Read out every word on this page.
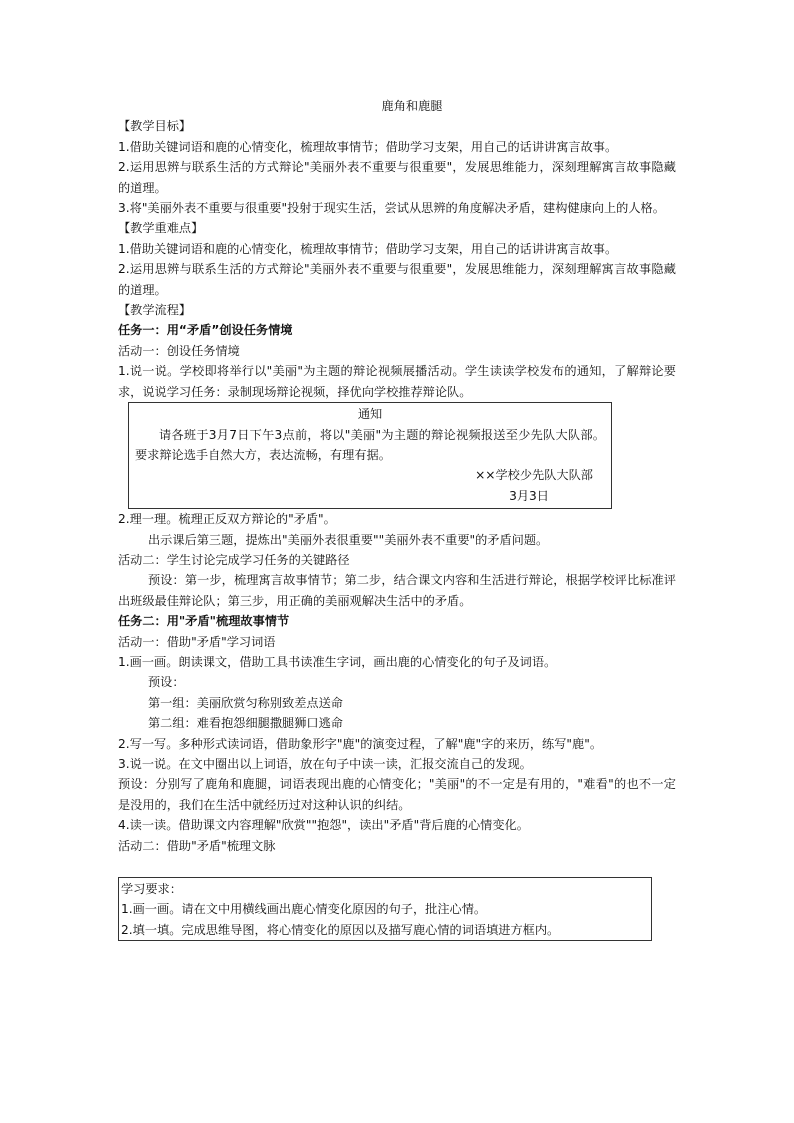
鹿角和鹿腿

【教学目标】

1.借助关键词语和鹿的心情变化，梳理故事情节；借助学习支架，用自己的话讲讲寓言故事。

2.运用思辨与联系生活的方式辩论"美丽外表不重要与很重要"，发展思维能力，深刻理解寓言故事隐藏的道理。

3.将"美丽外表不重要与很重要"投射于现实生活，尝试从思辨的角度解决矛盾，建构健康向上的人格。

【教学重难点】

1.借助关键词语和鹿的心情变化，梳理故事情节；借助学习支架，用自己的话讲讲寓言故事。

2.运用思辨与联系生活的方式辩论"美丽外表不重要与很重要"，发展思维能力，深刻理解寓言故事隐藏的道理。

【教学流程】

任务一：用“矛盾”创设任务情境

活动一：创设任务情境

1.说一说。学校即将举行以"美丽"为主题的辩论视频展播活动。学生读读学校发布的通知，了解辩论要求，说说学习任务：录制现场辩论视频，择优向学校推荐辩论队。

通知
请各班于3月7日下午3点前，将以"美丽"为主题的辩论视频报送至少先队大队部。要求辩论选手自然大方，表达流畅，有理有据。
××学校少先队大队部
3月3日

2.理一理。梳理正反双方辩论的"矛盾"。

出示课后第三题，提炼出"美丽外表很重要""美丽外表不重要"的矛盾问题。

活动二：学生讨论完成学习任务的关键路径

预设：第一步，梳理寓言故事情节；第二步，结合课文内容和生活进行辩论，根据学校评比标准评出班级最佳辩论队；第三步，用正确的美丽观解决生活中的矛盾。

任务二：用"矛盾"梳理故事情节

活动一：借助"矛盾"学习词语

1.画一画。朗读课文，借助工具书读准生字词，画出鹿的心情变化的句子及词语。

预设：

第一组：美丽欣赏匀称别致差点送命

第二组：难看抱怨细腿撒腿狮口逃命

2.写一写。多种形式读词语，借助象形字"鹿"的演变过程，了解"鹿"字的来历，练写"鹿"。

3.说一说。在文中圈出以上词语，放在句子中读一读，汇报交流自己的发现。

预设：分别写了鹿角和鹿腿，词语表现出鹿的心情变化；"美丽"的不一定是有用的，"难看"的也不一定是没用的，我们在生活中就经历过对这种认识的纠结。

4.读一读。借助课文内容理解"欣赏""抱怨"，读出"矛盾"背后鹿的心情变化。

活动二：借助"矛盾"梳理文脉

学习要求：
1.画一画。请在文中用横线画出鹿心情变化原因的句子，批注心情。
2.填一填。完成思维导图，将心情变化的原因以及描写鹿心情的词语填进方框内。
